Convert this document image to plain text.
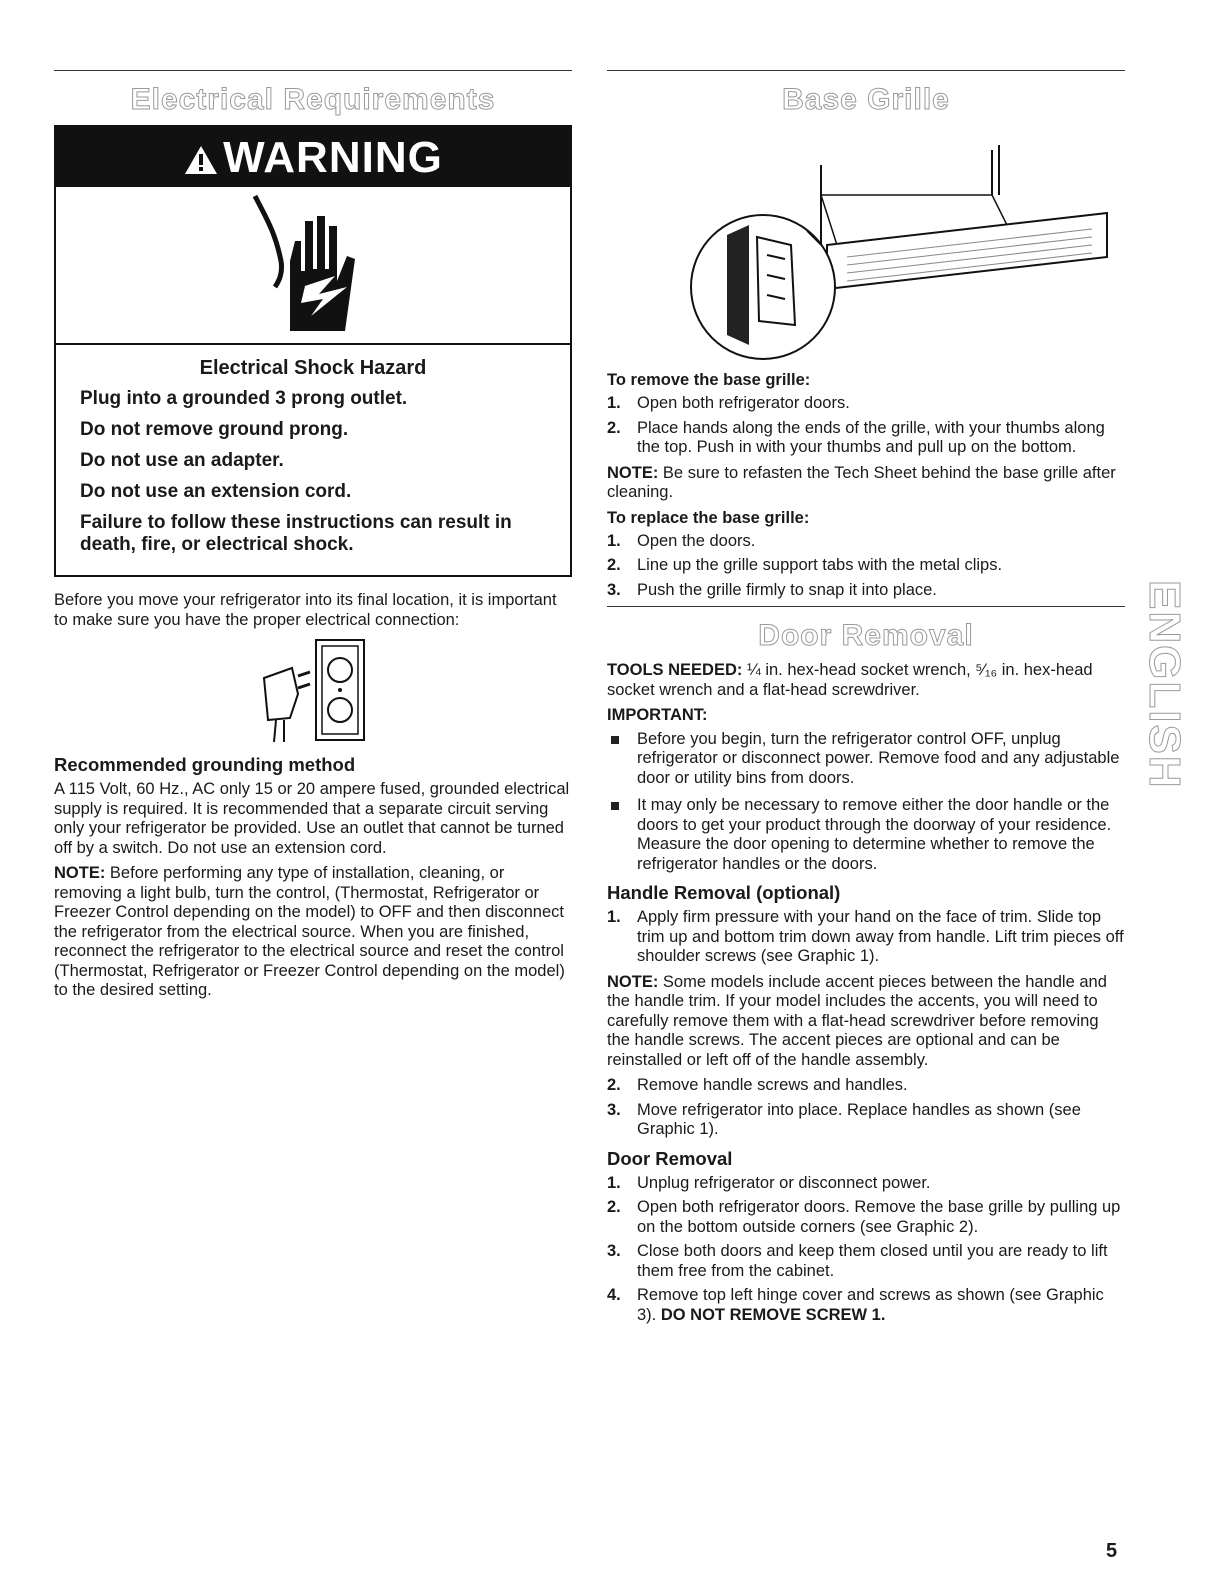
Electrical Requirements
WARNING
Electrical Shock Hazard

Plug into a grounded 3 prong outlet.

Do not remove ground prong.

Do not use an adapter.

Do not use an extension cord.

Failure to follow these instructions can result in death, fire, or electrical shock.

Before you move your refrigerator into its final location, it is important to make sure you have the proper electrical connection:

Recommended grounding method

A 115 Volt, 60 Hz., AC only 15 or 20 ampere fused, grounded electrical supply is required. It is recommended that a separate circuit serving only your refrigerator be provided. Use an outlet that cannot be turned off by a switch. Do not use an extension cord.

NOTE: Before performing any type of installation, cleaning, or removing a light bulb, turn the control, (Thermostat, Refrigerator or Freezer Control depending on the model) to OFF and then disconnect the refrigerator from the electrical source. When you are finished, reconnect the refrigerator to the electrical source and reset the control (Thermostat, Refrigerator or Freezer Control depending on the model) to the desired setting.

Base Grille
To remove the base grille:
1. Open both refrigerator doors.
2. Place hands along the ends of the grille, with your thumbs along the top. Push in with your thumbs and pull up on the bottom.

NOTE: Be sure to refasten the Tech Sheet behind the base grille after cleaning.

To replace the base grille:
1. Open the doors.
2. Line up the grille support tabs with the metal clips.
3. Push the grille firmly to snap it into place.
Door Removal

TOOLS NEEDED: ¼ in. hex-head socket wrench, ⁵⁄₁₆ in. hex-head socket wrench and a flat-head screwdriver.

IMPORTANT:

Before you begin, turn the refrigerator control OFF, unplug refrigerator or disconnect power. Remove food and any adjustable door or utility bins from doors.
It may only be necessary to remove either the door handle or the doors to get your product through the doorway of your residence. Measure the door opening to determine whether to remove the refrigerator handles or the doors.
Handle Removal (optional)
1. Apply firm pressure with your hand on the face of trim. Slide top trim up and bottom trim down away from handle. Lift trim pieces off shoulder screws (see Graphic 1).

NOTE: Some models include accent pieces between the handle and the handle trim. If your model includes the accents, you will need to carefully remove them with a flat-head screwdriver before removing the handle screws. The accent pieces are optional and can be reinstalled or left off of the handle assembly.

2. Remove handle screws and handles.
3. Move refrigerator into place. Replace handles as shown (see Graphic 1).
Door Removal
1. Unplug refrigerator or disconnect power.
2. Open both refrigerator doors. Remove the base grille by pulling up on the bottom outside corners (see Graphic 2).
3. Close both doors and keep them closed until you are ready to lift them free from the cabinet.
4. Remove top left hinge cover and screws as shown (see Graphic 3). DO NOT REMOVE SCREW 1.
ENGLISH
5
